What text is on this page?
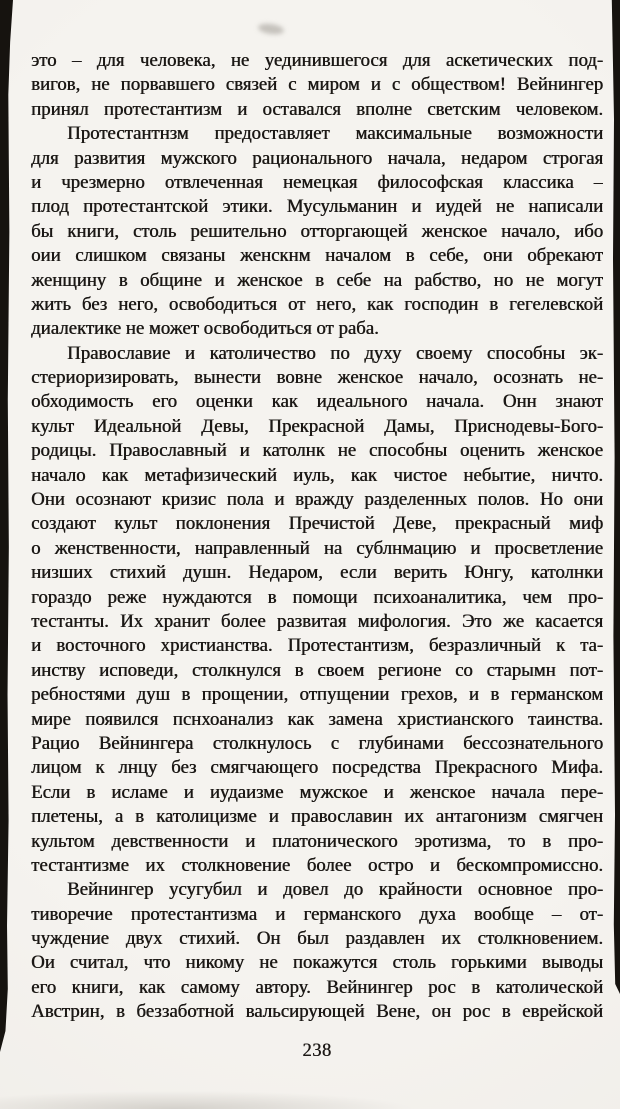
это – для человека, не уединившегося для аскетических под-
вигов, не порвавшего связей с миром и с обществом! Вейнингер
принял протестантизм и оставался вполне светским человеком.
Протестантнзм предоставляет максимальные возможности
для развития мужского рационального начала, недаром строгая
и чрезмерно отвлеченная немецкая философская классика –
плод протестантской этики. Мусульманин и иудей не написали
бы книги, столь решительно отторгающей женское начало, ибо
оии слишком связаны женскнм началом в себе, они обрекают
женщину в общине и женское в себе на рабство, но не могут
жить без него, освободиться от него, как господин в гегелевской
диалектике не может освободиться от раба.
Православие и католичество по духу своему способны эк-
стериоризировать, вынести вовне женское начало, осознать не-
обходимость его оценки как идеального начала. Онн знают
культ Идеальной Девы, Прекрасной Дамы, Приснодевы-Бого-
родицы. Православный и католнк не способны оценить женское
начало как метафизический иуль, как чистое небытие, ничто.
Они осознают кризис пола и вражду разделенных полов. Но они
создают культ поклонения Пречистой Деве, прекрасный миф
о женственности, направленный на сублнмацию и просветление
низших стихий душн. Недаром, если верить Юнгу, католнки
гораздо реже нуждаются в помощи психоаналитика, чем про-
тестанты. Их хранит более развитая мифология. Это же касается
и восточного христианства. Протестантизм, безразличный к та-
инству исповеди, столкнулся в своем регионе со старымн пот-
ребностями душ в прощении, отпущении грехов, и в германском
мире появился пснхоанализ как замена христианского таинства.
Рацио Вейнингера столкнулось с глубинами бессознательного
лицом к лнцу без смягчающего посредства Прекрасного Мифа.
Если в исламе и иудаизме мужское и женское начала пере-
плетены, а в католицизме и православин их антагонизм смягчен
культом девственности и платонического эротизма, то в про-
тестантизме их столкновение более остро и бескомпромиссно.
Вейнингер усугубил и довел до крайности основное про-
тиворечие протестантизма и германского духа вообще – от-
чуждение двух стихий. Он был раздавлен их столкновением.
Ои считал, что никому не покажутся столь горькими выводы
его книги, как самому автору. Вейнингер рос в католической
Австрин, в беззаботной вальсирующей Вене, он рос в еврейской
238
